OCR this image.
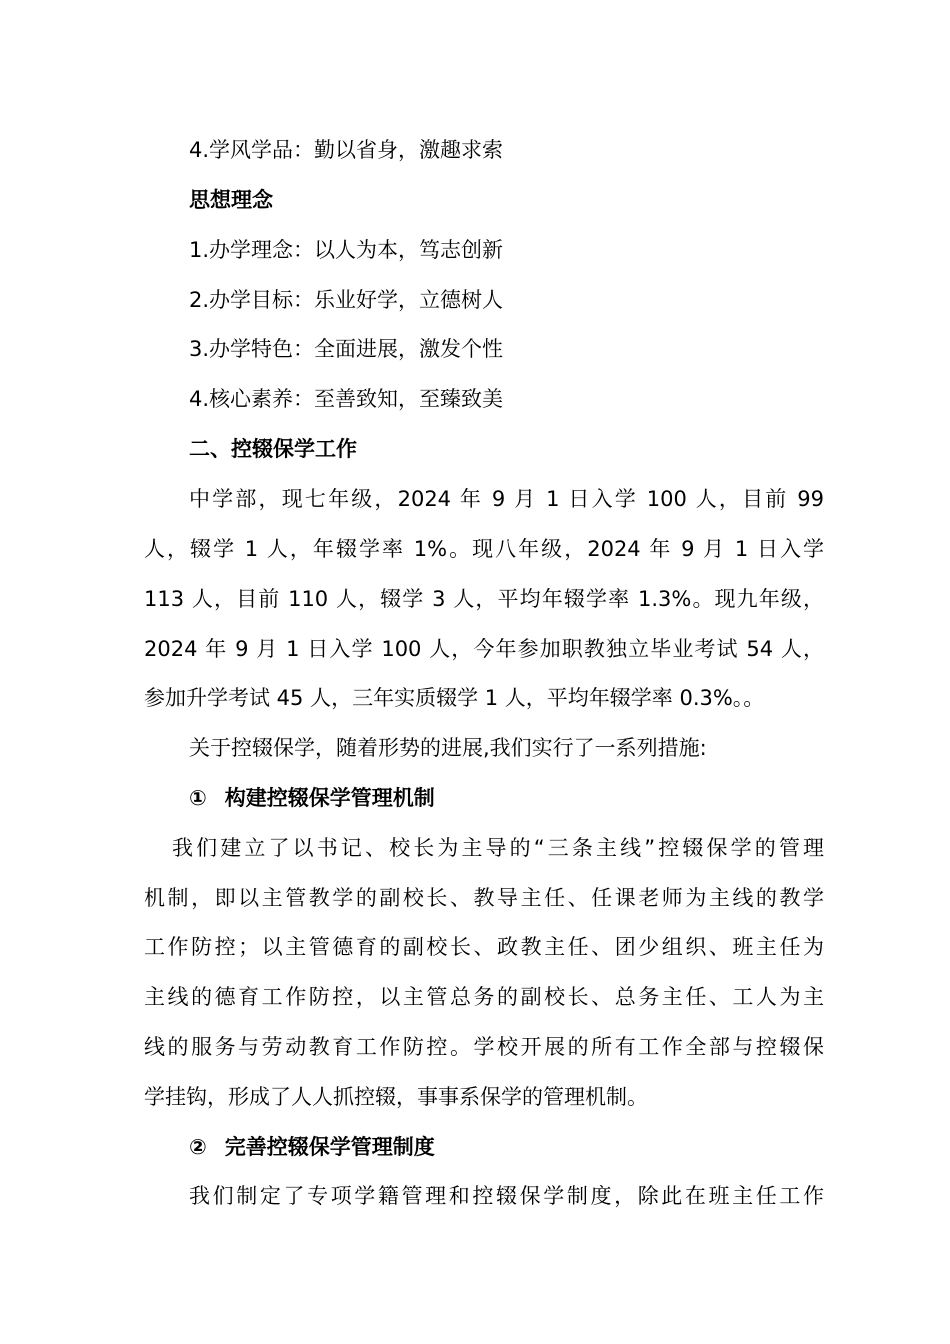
4.学风学品：勤以省身，激趣求索
思想理念
1.办学理念：以人为本，笃志创新
2.办学目标：乐业好学，立德树人
3.办学特色：全面进展，激发个性
4.核心素养：至善致知，至臻致美
二、控辍保学工作
中学部，现七年级，2024 年 9 月 1 日入学 100 人，目前 99
人，辍学 1 人，年辍学率 1%。现八年级，2024 年 9 月 1 日入学
113 人，目前 110 人，辍学 3 人，平均年辍学率 1.3%。现九年级，
2024 年 9 月 1 日入学 100 人，今年参加职教独立毕业考试 54 人，
参加升学考试 45 人，三年实质辍学 1 人，平均年辍学率 0.3%。。
关于控辍保学，随着形势的进展,我们实行了一系列措施:
① 构建控辍保学管理机制
我们建立了以书记、校长为主导的“三条主线”控辍保学的管理
机制，即以主管教学的副校长、教导主任、任课老师为主线的教学
工作防控；以主管德育的副校长、政教主任、团少组织、班主任为
主线的德育工作防控，以主管总务的副校长、总务主任、工人为主
线的服务与劳动教育工作防控。学校开展的所有工作全部与控辍保
学挂钩，形成了人人抓控辍，事事系保学的管理机制。
② 完善控辍保学管理制度
我们制定了专项学籍管理和控辍保学制度，除此在班主任工作
